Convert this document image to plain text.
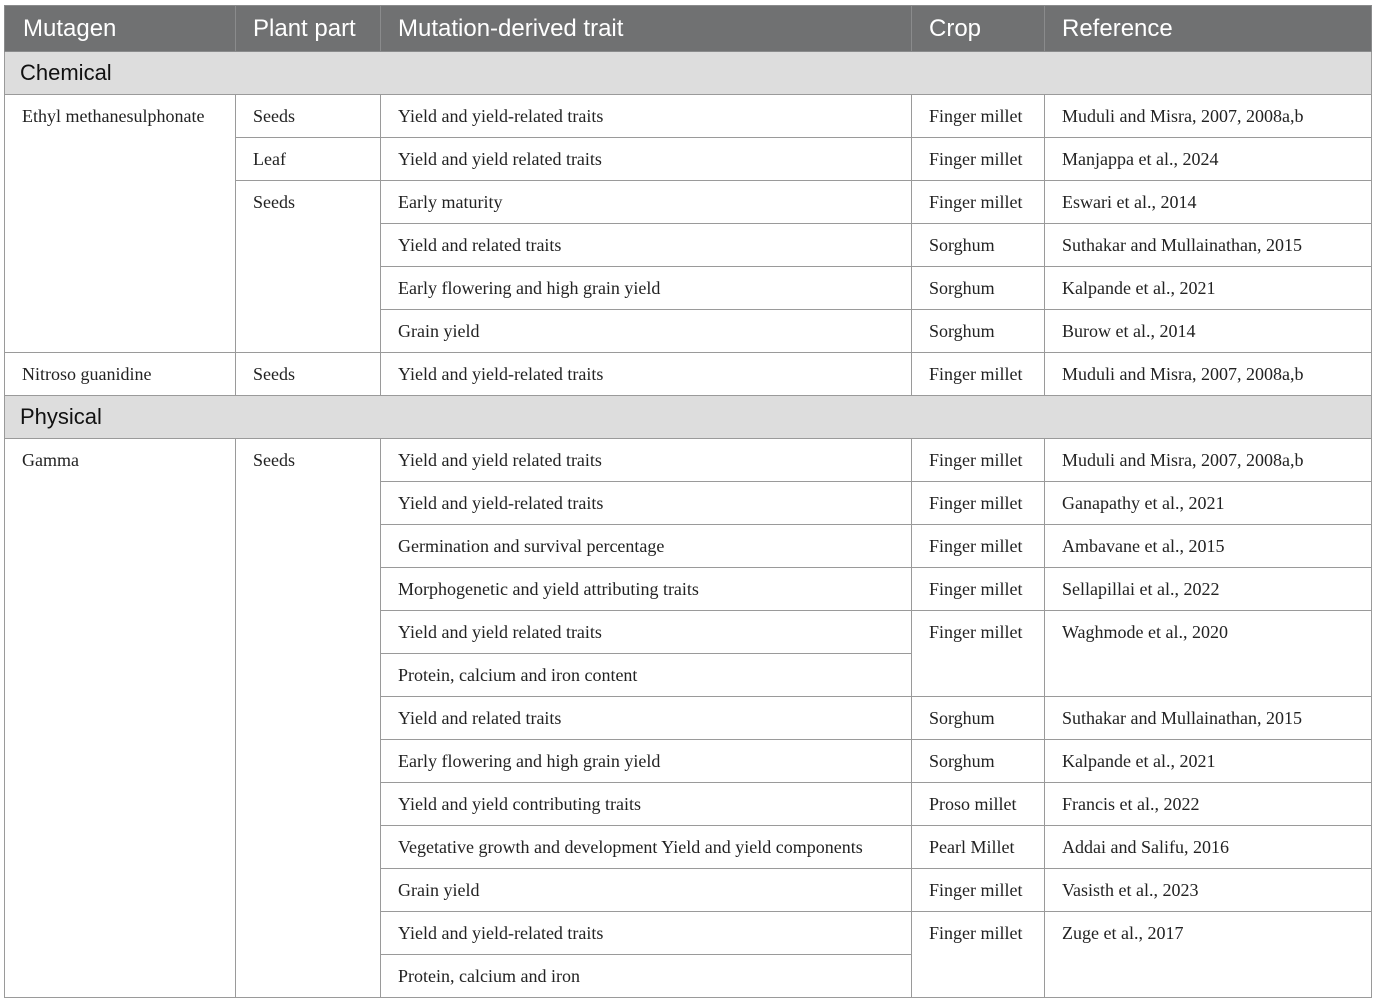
Mutagen	Plant part	Mutation-derived trait	Crop	Reference
Chemical				
Ethyl methanesulphonate	Seeds	Yield and yield-related traits	Finger millet	Muduli and Misra, 2007, 2008a,b
	Leaf	Yield and yield related traits	Finger millet	Manjappa et al., 2024
	Seeds	Early maturity	Finger millet	Eswari et al., 2014
		Yield and related traits	Sorghum	Suthakar and Mullainathan, 2015
		Early flowering and high grain yield	Sorghum	Kalpande et al., 2021
		Grain yield	Sorghum	Burow et al., 2014
Nitroso guanidine	Seeds	Yield and yield-related traits	Finger millet	Muduli and Misra, 2007, 2008a,b
Physical				
Gamma	Seeds	Yield and yield related traits	Finger millet	Muduli and Misra, 2007, 2008a,b
		Yield and yield-related traits	Finger millet	Ganapathy et al., 2021
		Germination and survival percentage	Finger millet	Ambavane et al., 2015
		Morphogenetic and yield attributing traits	Finger millet	Sellapillai et al., 2022
		Yield and yield related traits	Finger millet	Waghmode et al., 2020
		Protein, calcium and iron content		
		Yield and related traits	Sorghum	Suthakar and Mullainathan, 2015
		Early flowering and high grain yield	Sorghum	Kalpande et al., 2021
		Yield and yield contributing traits	Proso millet	Francis et al., 2022
		Vegetative growth and development Yield and yield components	Pearl Millet	Addai and Salifu, 2016
		Grain yield	Finger millet	Vasisth et al., 2023
		Yield and yield-related traits	Finger millet	Zuge et al., 2017
		Protein, calcium and iron		
